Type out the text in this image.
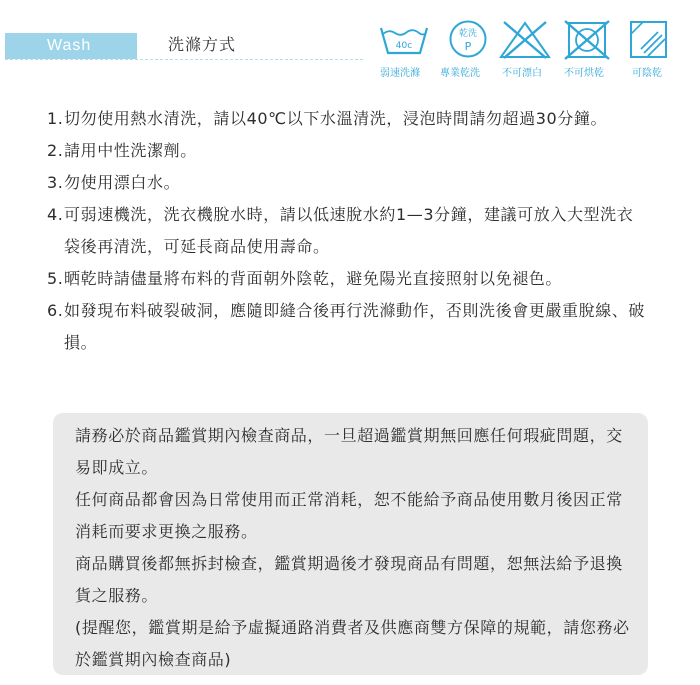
Wash	洗滌方式	40c
弱速洗滌
乾洗
P
專業乾洗 不可漂白 不可烘乾	可陰乾
1. 切勿使用熱水清洗，請以40℃以下水溫清洗，浸泡時間請勿超過30分鐘。
2. 請用中性洗潔劑。
3. 勿使用漂白水。
4. 可弱速機洗，洗衣機脫水時，請以低速脫水約1—3分鐘，建議可放入大型洗衣袋後再清洗，可延長商品使用壽命。
5. 晒乾時請儘量將布料的背面朝外陰乾，避免陽光直接照射以免褪色。
6. 如發現布料破裂破洞，應隨即縫合後再行洗滌動作，否則洗後會更嚴重脫線、破損。

請務必於商品鑑賞期內檢查商品，一旦超過鑑賞期無回應任何瑕疵問題，交易即成立。

任何商品都會因為日常使用而正常消耗，恕不能給予商品使用數月後因正常消耗而要求更換之服務。

商品購買後都無拆封檢查，鑑賞期過後才發現商品有問題，恕無法給予退換貨之服務。

(提醒您，鑑賞期是給予虛擬通路消費者及供應商雙方保障的規範，請您務必於鑑賞期內檢查商品)
